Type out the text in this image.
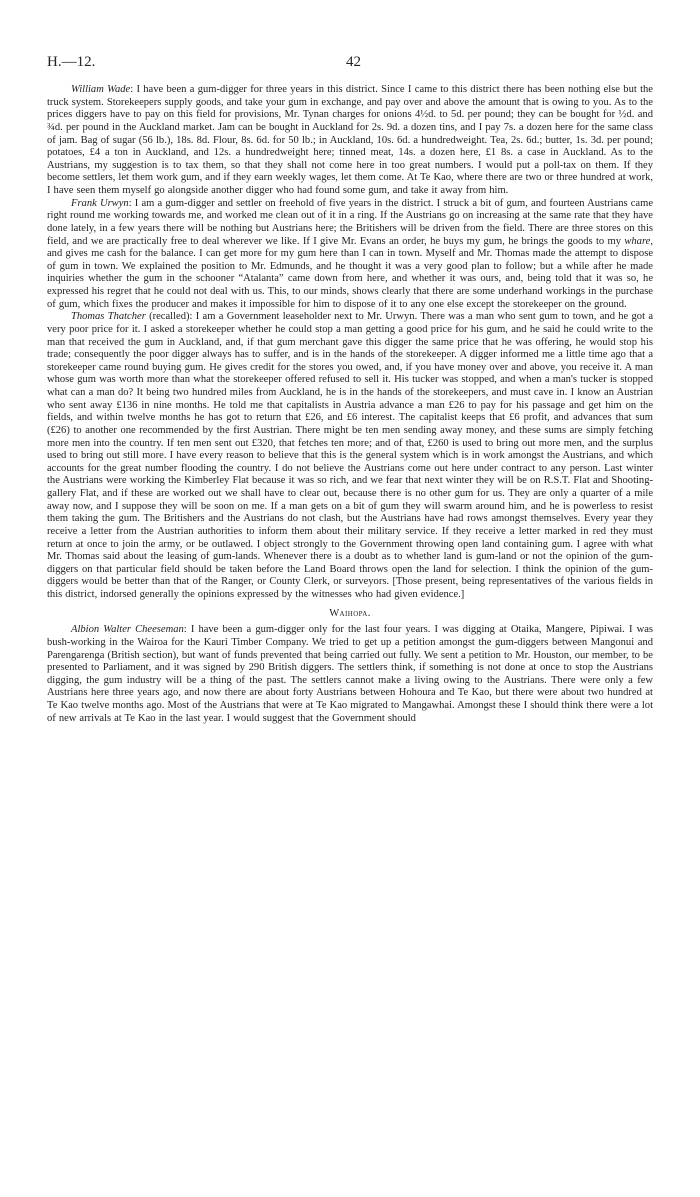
H.—12.	42

William Wade: I have been a gum-digger for three years in this district. Since I came to this district there has been nothing else but the truck system. Storekeepers supply goods, and take your gum in exchange, and pay over and above the amount that is owing to you. As to the prices diggers have to pay on this field for provisions, Mr. Tynan charges for onions 4½d. to 5d. per pound; they can be bought for ½d. and ¾d. per pound in the Auckland market. Jam can be bought in Auckland for 2s. 9d. a dozen tins, and I pay 7s. a dozen here for the same class of jam. Bag of sugar (56 lb.), 18s. 8d. Flour, 8s. 6d. for 50 lb.; in Auckland, 10s. 6d. a hundredweight. Tea, 2s. 6d.; butter, 1s. 3d. per pound; potatoes, £4 a ton in Auckland, and 12s. a hundredweight here; tinned meat, 14s. a dozen here, £1 8s. a case in Auckland. As to the Austrians, my suggestion is to tax them, so that they shall not come here in too great numbers. I would put a poll-tax on them. If they become settlers, let them work gum, and if they earn weekly wages, let them come. At Te Kao, where there are two or three hundred at work, I have seen them myself go alongside another digger who had found some gum, and take it away from him.

Frank Urwyn: I am a gum-digger and settler on freehold of five years in the district. I struck a bit of gum, and fourteen Austrians came right round me working towards me, and worked me clean out of it in a ring. If the Austrians go on increasing at the same rate that they have done lately, in a few years there will be nothing but Austrians here; the Britishers will be driven from the field. There are three stores on this field, and we are practically free to deal wherever we like. If I give Mr. Evans an order, he buys my gum, he brings the goods to my whare, and gives me cash for the balance. I can get more for my gum here than I can in town. Myself and Mr. Thomas made the attempt to dispose of gum in town. We explained the position to Mr. Edmunds, and he thought it was a very good plan to follow; but a while after he made inquiries whether the gum in the schooner “Atalanta” came down from here, and whether it was ours, and, being told that it was so, he expressed his regret that he could not deal with us. This, to our minds, shows clearly that there are some underhand workings in the purchase of gum, which fixes the producer and makes it impossible for him to dispose of it to any one else except the storekeeper on the ground.

Thomas Thatcher (recalled): I am a Government leaseholder next to Mr. Urwyn. There was a man who sent gum to town, and he got a very poor price for it. I asked a storekeeper whether he could stop a man getting a good price for his gum, and he said he could write to the man that received the gum in Auckland, and, if that gum merchant gave this digger the same price that he was offering, he would stop his trade; consequently the poor digger always has to suffer, and is in the hands of the storekeeper. A digger informed me a little time ago that a storekeeper came round buying gum. He gives credit for the stores you owed, and, if you have money over and above, you receive it. A man whose gum was worth more than what the storekeeper offered refused to sell it. His tucker was stopped, and when a man's tucker is stopped what can a man do? It being two hundred miles from Auckland, he is in the hands of the storekeepers, and must cave in. I know an Austrian who sent away £136 in nine months. He told me that capitalists in Austria advance a man £26 to pay for his passage and get him on the fields, and within twelve months he has got to return that £26, and £6 interest. The capitalist keeps that £6 profit, and advances that sum (£26) to another one recommended by the first Austrian. There might be ten men sending away money, and these sums are simply fetching more men into the country. If ten men sent out £320, that fetches ten more; and of that, £260 is used to bring out more men, and the surplus used to bring out still more. I have every reason to believe that this is the general system which is in work amongst the Austrians, and which accounts for the great number flooding the country. I do not believe the Austrians come out here under contract to any person. Last winter the Austrians were working the Kimberley Flat because it was so rich, and we fear that next winter they will be on R.S.T. Flat and Shooting-gallery Flat, and if these are worked out we shall have to clear out, because there is no other gum for us. They are only a quarter of a mile away now, and I suppose they will be soon on me. If a man gets on a bit of gum they will swarm around him, and he is powerless to resist them taking the gum. The Britishers and the Austrians do not clash, but the Austrians have had rows amongst themselves. Every year they receive a letter from the Austrian authorities to inform them about their military service. If they receive a letter marked in red they must return at once to join the army, or be outlawed. I object strongly to the Government throwing open land containing gum. I agree with what Mr. Thomas said about the leasing of gum-lands. Whenever there is a doubt as to whether land is gum-land or not the opinion of the gum-diggers on that particular field should be taken before the Land Board throws open the land for selection. I think the opinion of the gum-diggers would be better than that of the Ranger, or County Clerk, or surveyors. [Those present, being representatives of the various fields in this district, indorsed generally the opinions expressed by the witnesses who had given evidence.]

Waihopa.

Albion Walter Cheeseman: I have been a gum-digger only for the last four years. I was digging at Otaika, Mangere, Pipiwai. I was bush-working in the Wairoa for the Kauri Timber Company. We tried to get up a petition amongst the gum-diggers between Mangonui and Parengarenga (British section), but want of funds prevented that being carried out fully. We sent a petition to Mr. Houston, our member, to be presented to Parliament, and it was signed by 290 British diggers. The settlers think, if something is not done at once to stop the Austrians digging, the gum industry will be a thing of the past. The settlers cannot make a living owing to the Austrians. There were only a few Austrians here three years ago, and now there are about forty Austrians between Hohoura and Te Kao, but there were about two hundred at Te Kao twelve months ago. Most of the Austrians that were at Te Kao migrated to Mangawhai. Amongst these I should think there were a lot of new arrivals at Te Kao in the last year. I would suggest that the Government should
